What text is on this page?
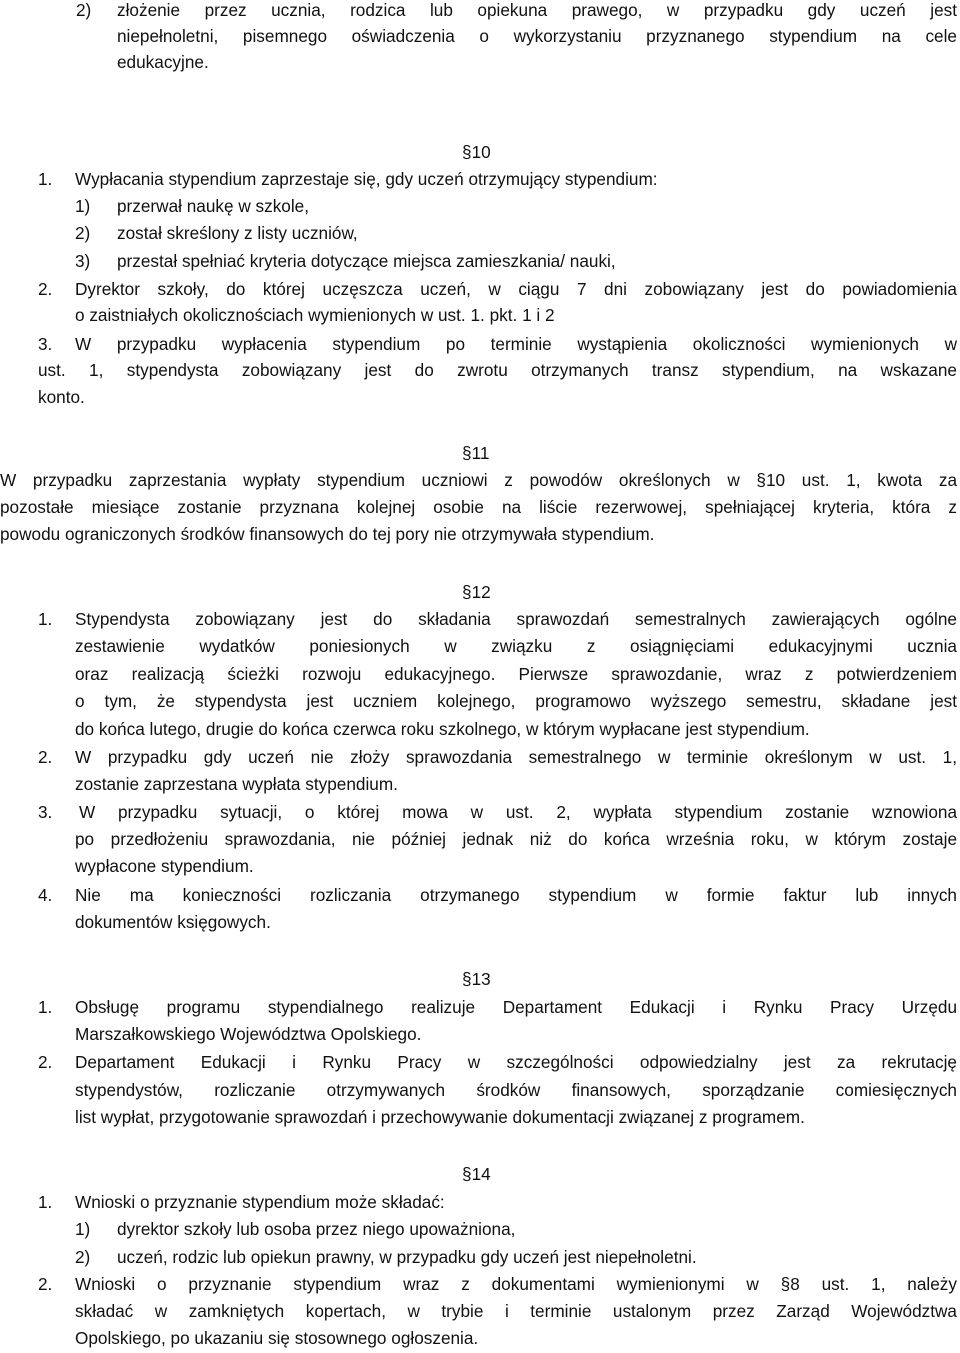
2) złożenie przez ucznia, rodzica lub opiekuna prawego, w przypadku gdy uczeń jest
niepełnoletni, pisemnego oświadczenia o wykorzystaniu przyznanego stypendium na cele
edukacyjne.
§10
1. Wypłacania stypendium zaprzestaje się, gdy uczeń otrzymujący stypendium:
1) przerwał naukę w szkole,
2) został skreślony z listy uczniów,
3) przestał spełniać kryteria dotyczące miejsca zamieszkania/ nauki,
2. Dyrektor szkoły, do której uczęszcza uczeń, w ciągu 7 dni zobowiązany jest do powiadomienia
o zaistniałych okolicznościach wymienionych w ust. 1. pkt. 1 i 2
3. W przypadku wypłacenia stypendium po terminie wystąpienia okoliczności wymienionych w
ust. 1, stypendysta zobowiązany jest do zwrotu otrzymanych transz stypendium, na wskazane
konto.
§11
W przypadku zaprzestania wypłaty stypendium uczniowi z powodów określonych w §10 ust. 1, kwota za
pozostałe miesiące zostanie przyznana kolejnej osobie na liście rezerwowej, spełniającej kryteria, która z
powodu ograniczonych środków finansowych do tej pory nie otrzymywała stypendium.
§12
1. Stypendysta zobowiązany jest do składania sprawozdań semestralnych zawierających ogólne
zestawienie wydatków poniesionych w związku z osiągnięciami edukacyjnymi ucznia
oraz realizacją ścieżki rozwoju edukacyjnego. Pierwsze sprawozdanie, wraz z potwierdzeniem
o tym, że stypendysta jest uczniem kolejnego, programowo wyższego semestru, składane jest
do końca lutego, drugie do końca czerwca roku szkolnego, w którym wypłacane jest stypendium.
2. W przypadku gdy uczeń nie złoży sprawozdania semestralnego w terminie określonym w ust. 1,
zostanie zaprzestana wypłata stypendium.
3. W przypadku sytuacji, o której mowa w ust. 2, wypłata stypendium zostanie wznowiona
po przedłożeniu sprawozdania, nie później jednak niż do końca września roku, w którym zostaje
wypłacone stypendium.
4. Nie ma konieczności rozliczania otrzymanego stypendium w formie faktur lub innych
dokumentów księgowych.
§13
1. Obsługę programu stypendialnego realizuje Departament Edukacji i Rynku Pracy Urzędu
Marszałkowskiego Województwa Opolskiego.
2. Departament Edukacji i Rynku Pracy w szczególności odpowiedzialny jest za rekrutację
stypendystów, rozliczanie otrzymywanych środków finansowych, sporządzanie comiesięcznych
list wypłat, przygotowanie sprawozdań i przechowywanie dokumentacji związanej z programem.
§14
1. Wnioski o przyznanie stypendium może składać:
1) dyrektor szkoły lub osoba przez niego upoważniona,
2) uczeń, rodzic lub opiekun prawny, w przypadku gdy uczeń jest niepełnoletni.
2. Wnioski o przyznanie stypendium wraz z dokumentami wymienionymi w §8 ust. 1, należy
składać w zamkniętych kopertach, w trybie i terminie ustalonym przez Zarząd Województwa
Opolskiego, po ukazaniu się stosownego ogłoszenia.
